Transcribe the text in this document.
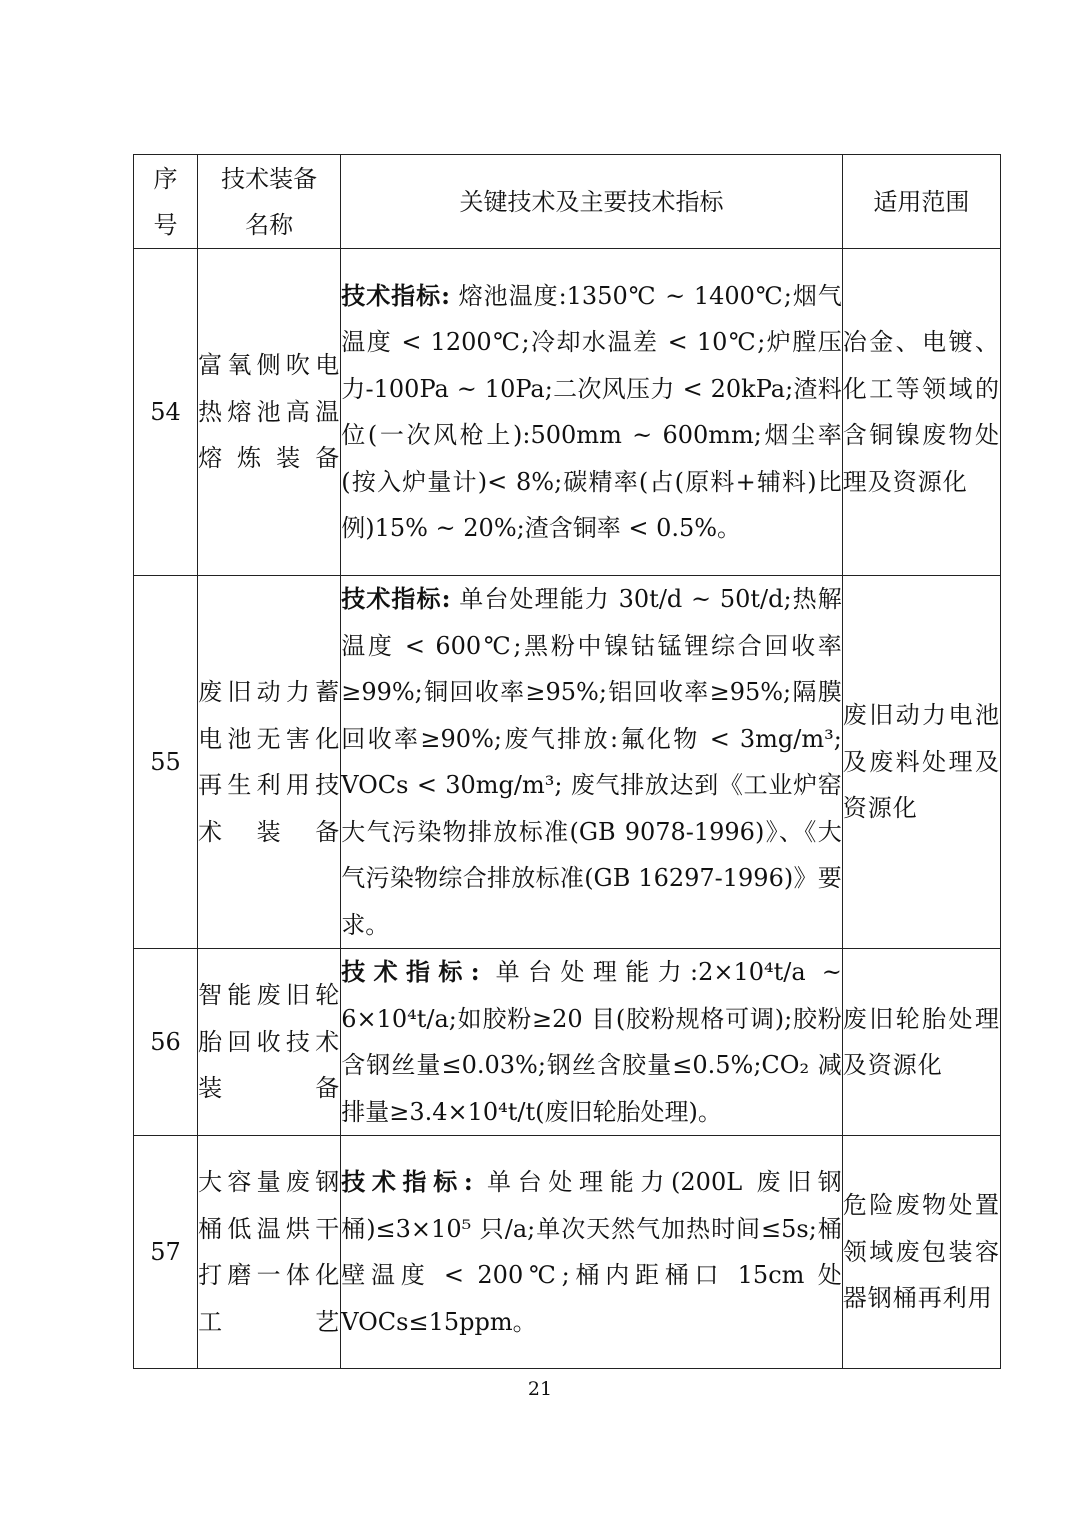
序号	技术装备名称	关键技术及主要技术指标	适用范围
54	富氧侧吹电热熔池高温熔炼装备	技术指标: 熔池温度:1350℃ ~ 1400℃;烟气温度 < 1200℃;冷却水温差 < 10℃;炉膛压力-100Pa ~ 10Pa;二次风压力 < 20kPa;渣料位(一次风枪上):500mm ~ 600mm;烟尘率(按入炉量计)< 8%;碳精率(占(原料+辅料)比例)15% ~ 20%;渣含铜率 < 0.5%。	冶金、电镀、化工等领域的含铜镍废物处理及资源化
55	废旧动力蓄电池无害化再生利用技术装备	技术指标: 单台处理能力 30t/d ~ 50t/d;热解温度 < 600℃;黑粉中镍钴锰锂综合回收率≥99%;铜回收率≥95%;铝回收率≥95%;隔膜回收率≥90%;废气排放:氟化物 < 3mg/m³; VOCs < 30mg/m³; 废气排放达到《工业炉窑大气污染物排放标准(GB 9078-1996)》、《大气污染物综合排放标准(GB 16297-1996)》要求。	废旧动力电池及废料处理及资源化
56	智能废旧轮胎回收技术装备	技术指标: 单台处理能力:2×10⁴t/a ~ 6×10⁴t/a;如胶粉≥20 目(胶粉规格可调);胶粉含钢丝量≤0.03%;钢丝含胶量≤0.5%;CO₂ 减排量≥3.4×10⁴t/t(废旧轮胎处理)。	废旧轮胎处理及资源化
57	大容量废钢桶低温烘干打磨一体化工艺	技术指标: 单台处理能力(200L 废旧钢桶)≤3×10⁵ 只/a;单次天然气加热时间≤5s;桶壁温度 < 200℃;桶内距桶口 15cm 处 VOCs≤15ppm。	危险废物处置领域废包装容器钢桶再利用
21
